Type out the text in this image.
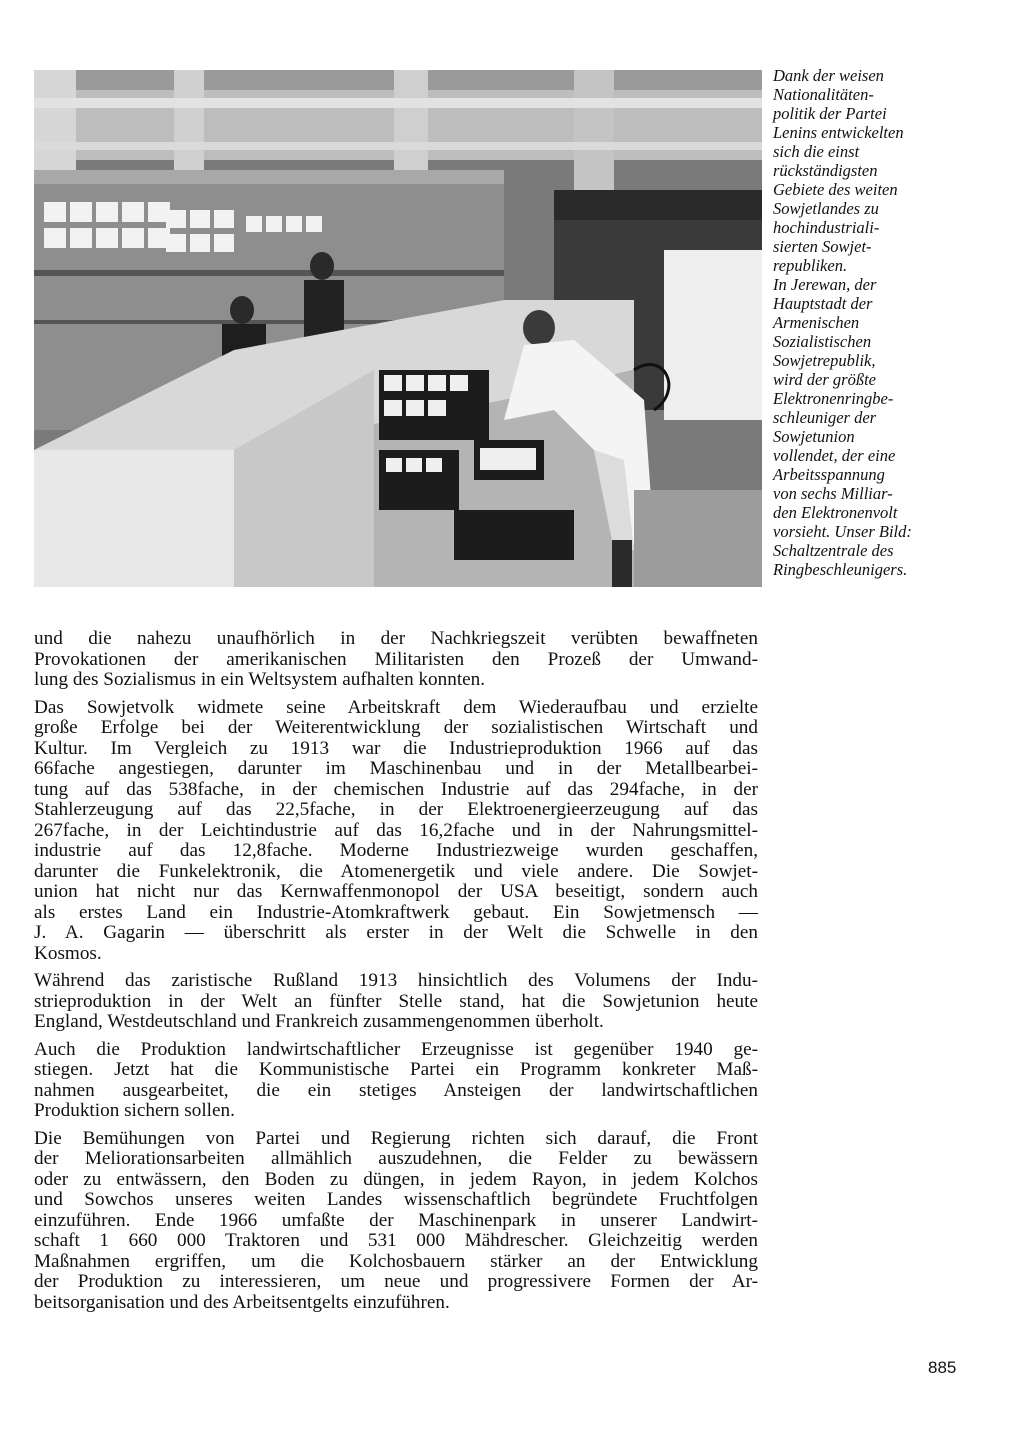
Dank der weisen
Nationalitäten-
politik der Partei
Lenins entwickelten
sich die einst
rückständigsten
Gebiete des weiten
Sowjetlandes zu
hochindustriali-
sierten Sowjet-
republiken.
In Jerewan, der
Hauptstadt der
Armenischen
Sozialistischen
Sowjetrepublik,
wird der größte
Elektronenringbe-
schleuniger der
Sowjetunion
vollendet, der eine
Arbeitsspannung
von sechs Milliar-
den Elektronenvolt
vorsieht. Unser Bild:
Schaltzentrale des
Ringbeschleunigers.
und die nahezu unaufhörlich in der Nachkriegszeit verübten bewaffneten
Provokationen der amerikanischen Militaristen den Prozeß der Umwand-
lung des Sozialismus in ein Weltsystem aufhalten konnten.
Das Sowjetvolk widmete seine Arbeitskraft dem Wiederaufbau und erzielte
große Erfolge bei der Weiterentwicklung der sozialistischen Wirtschaft und
Kultur. Im Vergleich zu 1913 war die Industrieproduktion 1966 auf das
66fache angestiegen, darunter im Maschinenbau und in der Metallbearbei-
tung auf das 538fache, in der chemischen Industrie auf das 294fache, in der
Stahlerzeugung auf das 22,5fache, in der Elektroenergieerzeugung auf das
267fache, in der Leichtindustrie auf das 16,2fache und in der Nahrungsmittel-
industrie auf das 12,8fache. Moderne Industriezweige wurden geschaffen,
darunter die Funkelektronik, die Atomenergetik und viele andere. Die Sowjet-
union hat nicht nur das Kernwaffenmonopol der USA beseitigt, sondern auch
als erstes Land ein Industrie-Atomkraftwerk gebaut. Ein Sowjetmensch —
J. A. Gagarin — überschritt als erster in der Welt die Schwelle in den
Kosmos.
Während das zaristische Rußland 1913 hinsichtlich des Volumens der Indu-
strieproduktion in der Welt an fünfter Stelle stand, hat die Sowjetunion heute
England, Westdeutschland und Frankreich zusammengenommen überholt.
Auch die Produktion landwirtschaftlicher Erzeugnisse ist gegenüber 1940 ge-
stiegen. Jetzt hat die Kommunistische Partei ein Programm konkreter Maß-
nahmen ausgearbeitet, die ein stetiges Ansteigen der landwirtschaftlichen
Produktion sichern sollen.
Die Bemühungen von Partei und Regierung richten sich darauf, die Front
der Meliorationsarbeiten allmählich auszudehnen, die Felder zu bewässern
oder zu entwässern, den Boden zu düngen, in jedem Rayon, in jedem Kolchos
und Sowchos unseres weiten Landes wissenschaftlich begründete Fruchtfolgen
einzuführen. Ende 1966 umfaßte der Maschinenpark in unserer Landwirt-
schaft 1 660 000 Traktoren und 531 000 Mähdrescher. Gleichzeitig werden
Maßnahmen ergriffen, um die Kolchosbauern stärker an der Entwicklung
der Produktion zu interessieren, um neue und progressivere Formen der Ar-
beitsorganisation und des Arbeitsentgelts einzuführen.
885
